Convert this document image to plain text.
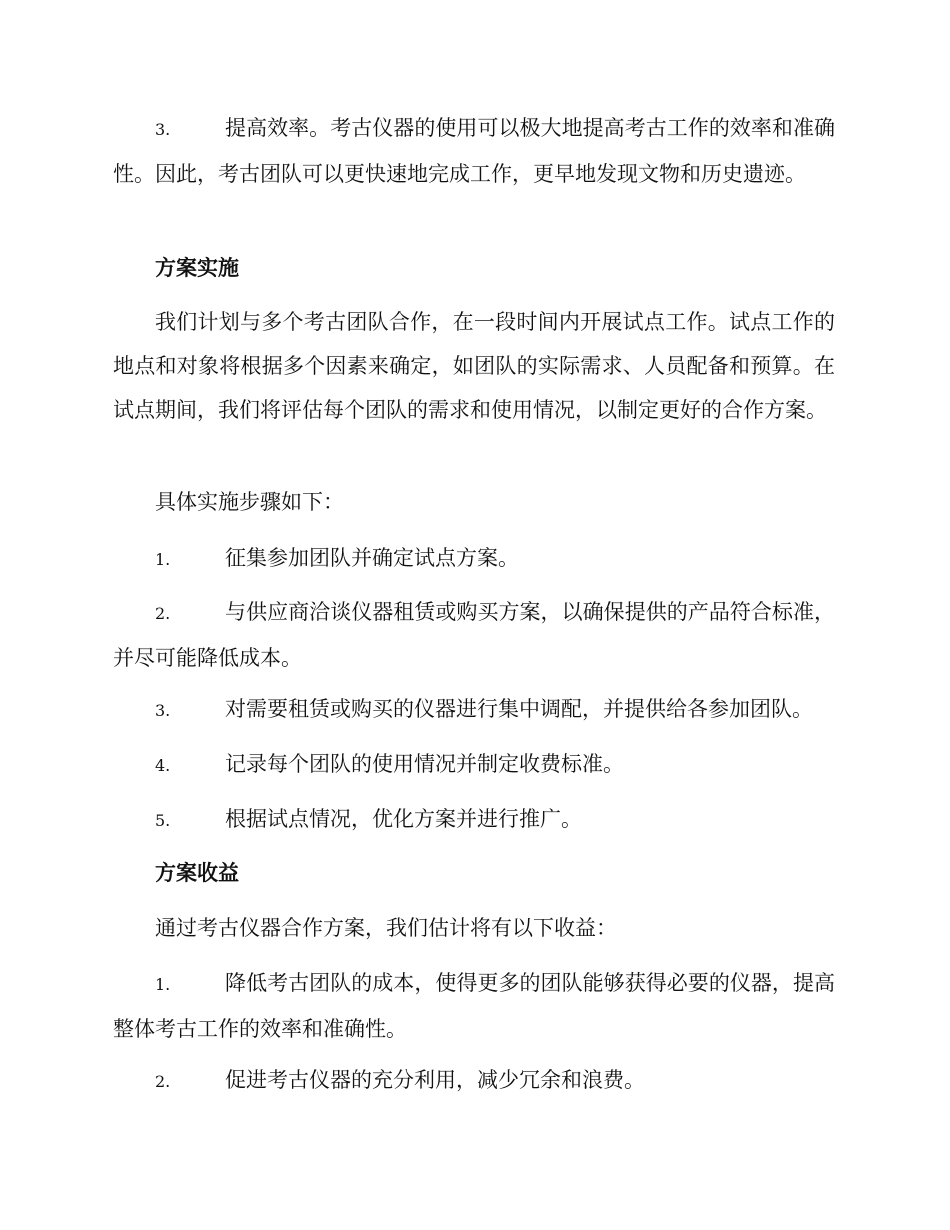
3.	提高效率。考古仪器的使用可以极大地提高考古工作的效率和准确性。因此，考古团队可以更快速地完成工作，更早地发现文物和历史遗迹。

方案实施

我们计划与多个考古团队合作，在一段时间内开展试点工作。试点工作的地点和对象将根据多个因素来确定，如团队的实际需求、人员配备和预算。在试点期间，我们将评估每个团队的需求和使用情况，以制定更好的合作方案。

具体实施步骤如下：

1.	征集参加团队并确定试点方案。

2.	与供应商洽谈仪器租赁或购买方案，以确保提供的产品符合标准，并尽可能降低成本。

3.	对需要租赁或购买的仪器进行集中调配，并提供给各参加团队。

4.	记录每个团队的使用情况并制定收费标准。

5.	根据试点情况，优化方案并进行推广。

方案收益

通过考古仪器合作方案，我们估计将有以下收益：

1.	降低考古团队的成本，使得更多的团队能够获得必要的仪器，提高整体考古工作的效率和准确性。

2.	促进考古仪器的充分利用，减少冗余和浪费。
